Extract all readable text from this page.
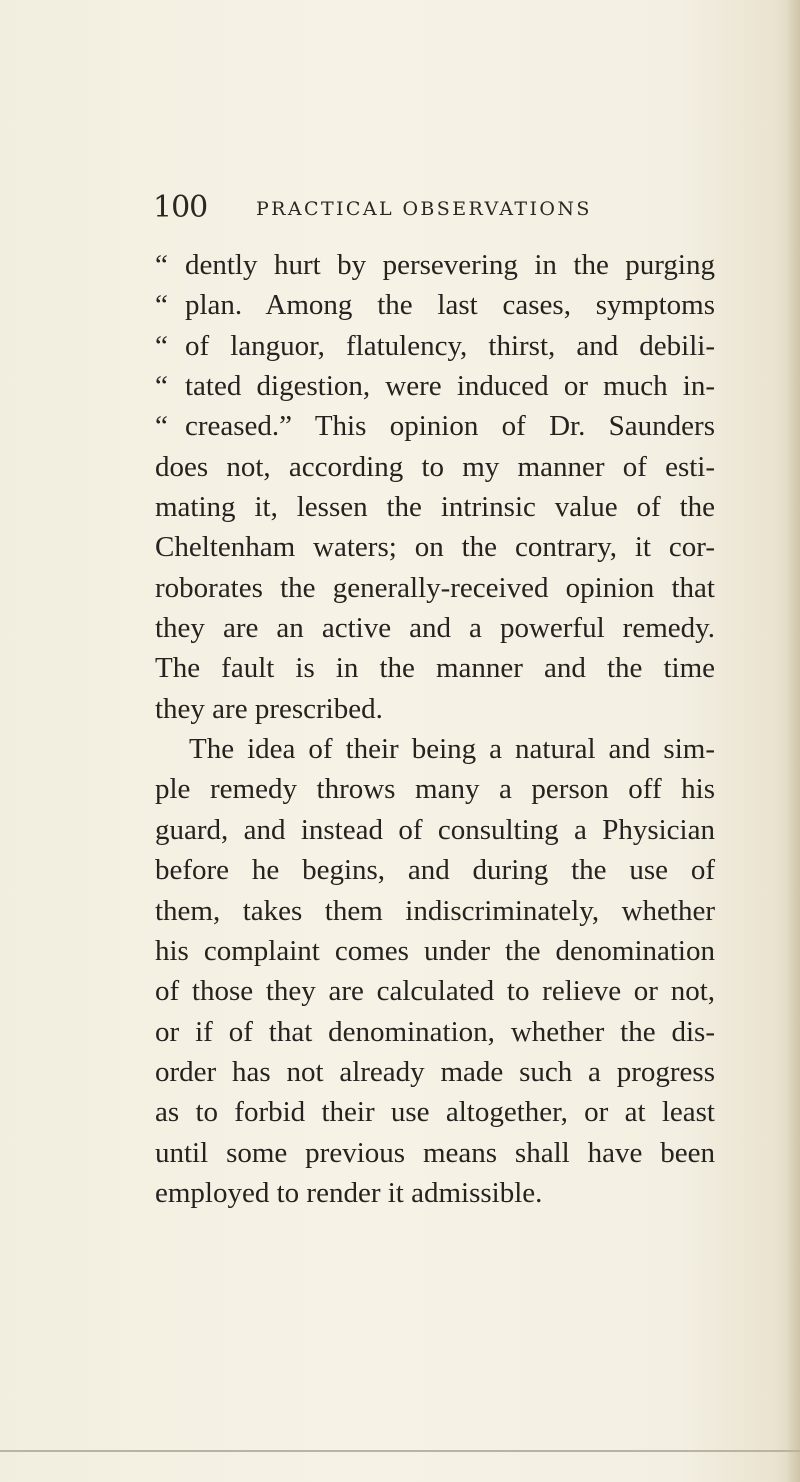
100	PRACTICAL OBSERVATIONS
“ dently hurt by persevering in the purging
“ plan. Among the last cases, symptoms
“ of languor, flatulency, thirst, and debili-
“ tated digestion, were induced or much in-
“ creased.” This opinion of Dr. Saunders
does not, according to my manner of esti-
mating it, lessen the intrinsic value of the
Cheltenham waters; on the contrary, it cor-
roborates the generally-received opinion that
they are an active and a powerful remedy.
The fault is in the manner and the time
they are prescribed.
The idea of their being a natural and sim-
ple remedy throws many a person off his
guard, and instead of consulting a Physician
before he begins, and during the use of
them, takes them indiscriminately, whether
his complaint comes under the denomination
of those they are calculated to relieve or not,
or if of that denomination, whether the dis-
order has not already made such a progress
as to forbid their use altogether, or at least
until some previous means shall have been
employed to render it admissible.
